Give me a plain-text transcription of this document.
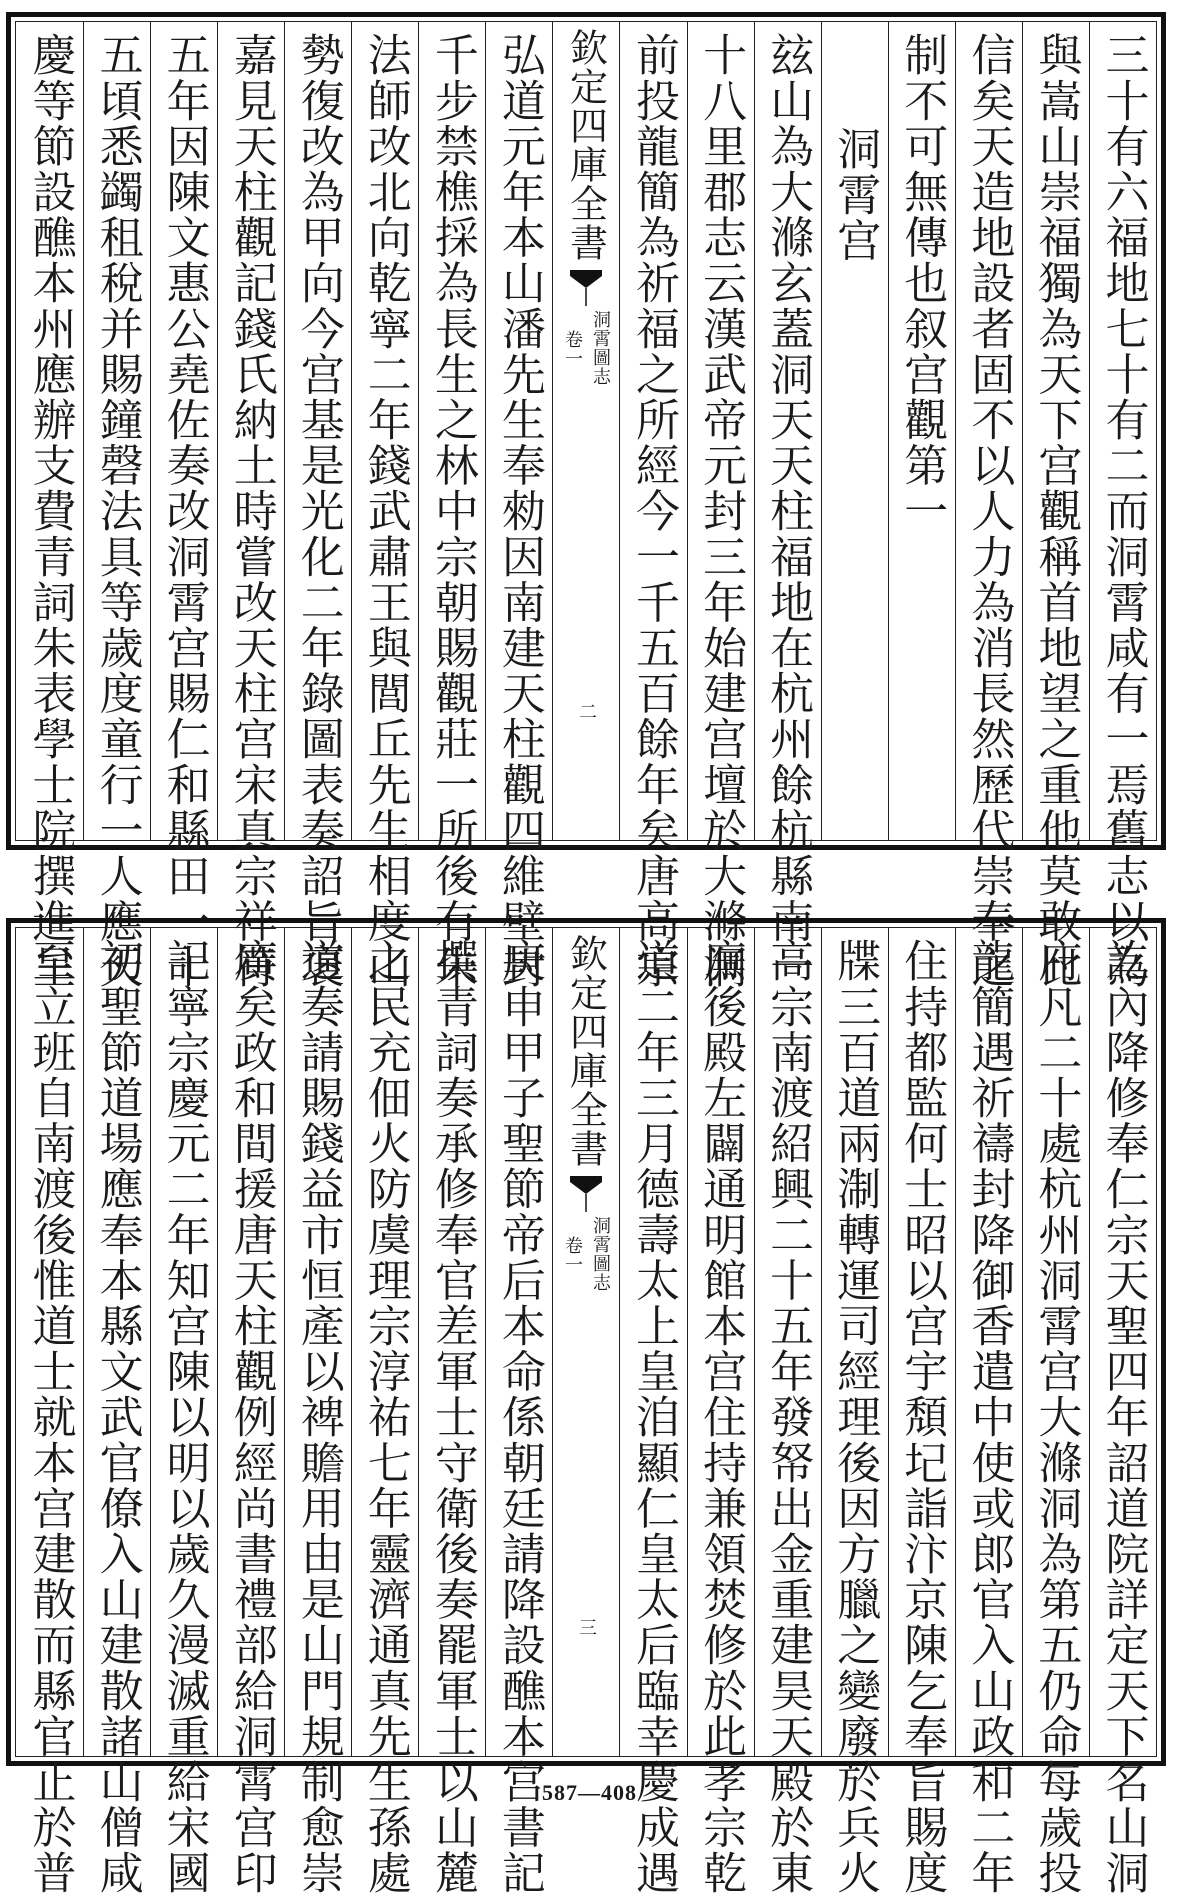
三十有六福地七十有二而洞霄咸有一焉舊志以為
與嵩山崇福獨為天下宫觀稱首地望之重他莫敢比
信矣天造地設者固不以人力為消長然歷代崇奉之
制不可無傳也叙宫觀第一
洞霄宫
玆山為大滌玄蓋洞天天柱福地在杭州餘杭縣南一
十八里郡志云漢武帝元封三年始建宫壇於大滌洞
前投龍簡為祈福之所經今一千五百餘年矣唐高宗
欽定四庫全書
洞霄圖志
卷一
二
弘道元年本山潘先生奉勑因南建天柱觀四維壁封
千步禁樵採為長生之林中宗朝賜觀莊一所後有朱
法師改北向乾寧二年錢武肅王與閭丘先生相度山
勢復改為甲向今宫基是光化二年錄圖表奏詔旨褒
嘉見天柱觀記錢氏納土時嘗改天柱宫宋真宗祥符
五年因陳文惠公堯佐奏改洞霄宫賜仁和縣田一十
五頃悉蠲租稅并賜鐘磬法具等歲度童行一人應天
慶等節設醮本州應辦支費青詞朱表學士院撰進呈
訖內降修奉仁宗天聖四年詔道院詳定天下名山洞
府凡二十處杭州洞霄宫大滌洞為第五仍命每歲投
龍簡遇祈禱封降御香遣中使或郎官入山政和二年
住持都監何士昭以宫宇頽圮詣汴京陳乞奉旨賜度
牒三百道兩淛轉運司經理後因方臘之變廢於兵火
高宗南渡紹興二十五年發帑出金重建昊天殿於東
廡後殿左闢通明館本宫住持兼領焚修於此孝宗乾
道二年三月德壽太上皇洎顯仁皇太后臨幸慶成遇
欽定四庫全書
洞霄圖志
卷一
三
庚申甲子聖節帝后本命係朝廷請降設醮本宫書記
撰青詞奏承修奉官差軍士守衛後奏罷軍士以山麓
之民充佃火防虞理宗淳祐七年靈濟通真先生孫處
道奏請賜錢益市恒產以裨贍用由是山門規制愈崇
廣矣政和間援唐天柱觀例經尚書禮部給洞霄宫印
記寧宗慶元二年知宫陳以明以歲久漫滅重給宋國
初聖節道場應奉本縣文武官僚入山建散諸山僧咸
至立班自南渡後惟道士就本宫建散而縣官止於普	587—408
